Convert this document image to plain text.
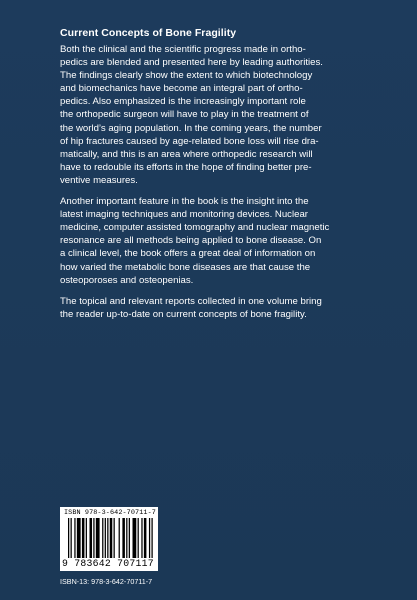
Current Concepts of Bone Fragility

Both the clinical and the scientific progress made in ortho-
pedics are blended and presented here by leading authorities.
The findings clearly show the extent to which biotechnology
and biomechanics have become an integral part of ortho-
pedics. Also emphasized is the increasingly important role
the orthopedic surgeon will have to play in the treatment of
the world’s aging population. In the coming years, the number
of hip fractures caused by age-related bone loss will rise dra-
matically, and this is an area where orthopedic research will
have to redouble its efforts in the hope of finding better pre-
ventive measures.

Another important feature in the book is the insight into the
latest imaging techniques and monitoring devices. Nuclear
medicine, computer assisted tomography and nuclear magnetic
resonance are all methods being applied to bone disease. On
a clinical level, the book offers a great deal of information on
how varied the metabolic bone diseases are that cause the
osteoporoses and osteopenias.

The topical and relevant reports collected in one volume bring
the reader up-to-date on current concepts of bone fragility.

ISBN 978-3-642-70711-7
9 783642 707117
ISBN-13: 978-3-642-70711-7
